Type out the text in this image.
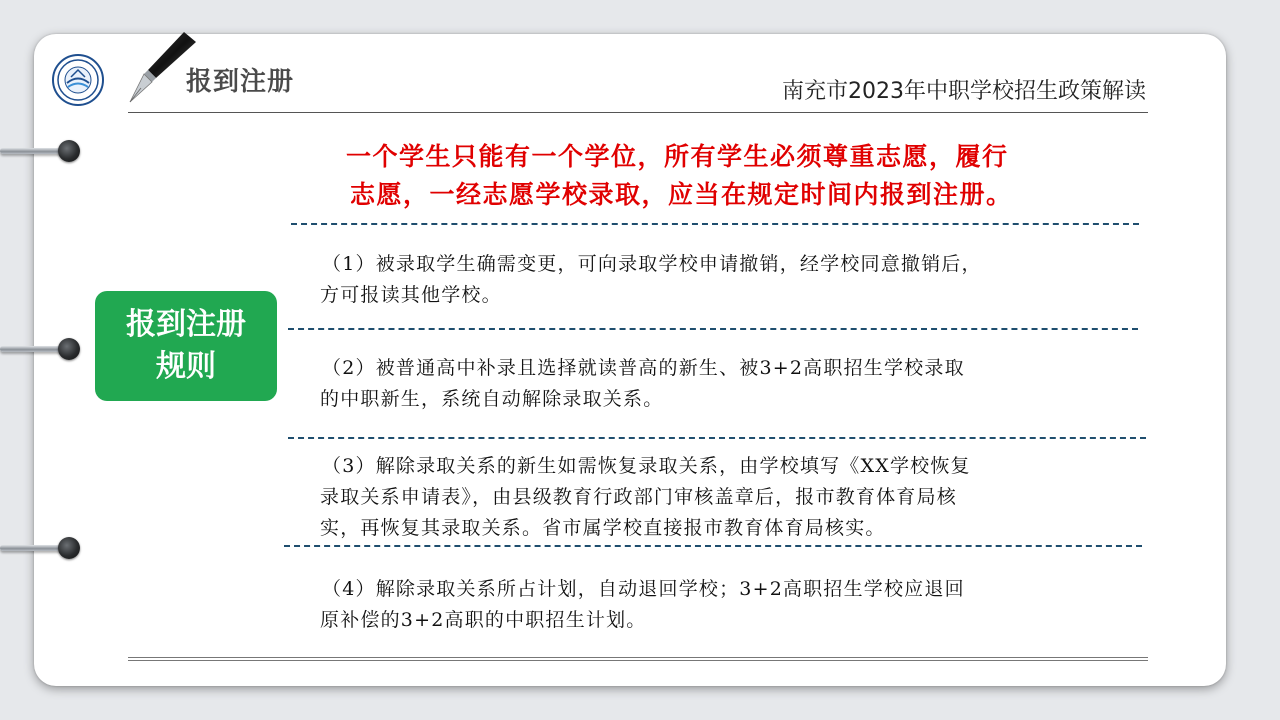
报到注册	南充市2023年中职学校招生政策解读
一个学生只能有一个学位，所有学生必须尊重志愿，履行
志愿，一经志愿学校录取，应当在规定时间内报到注册。
报到注册
规则
（1）被录取学生确需变更，可向录取学校申请撤销，经学校同意撤销后，
方可报读其他学校。
（2）被普通高中补录且选择就读普高的新生、被3+2高职招生学校录取
的中职新生，系统自动解除录取关系。
（3）解除录取关系的新生如需恢复录取关系，由学校填写《XX学校恢复
录取关系申请表》，由县级教育行政部门审核盖章后，报市教育体育局核
实，再恢复其录取关系。省市属学校直接报市教育体育局核实。
（4）解除录取关系所占计划，自动退回学校；3+2高职招生学校应退回
原补偿的3+2高职的中职招生计划。
